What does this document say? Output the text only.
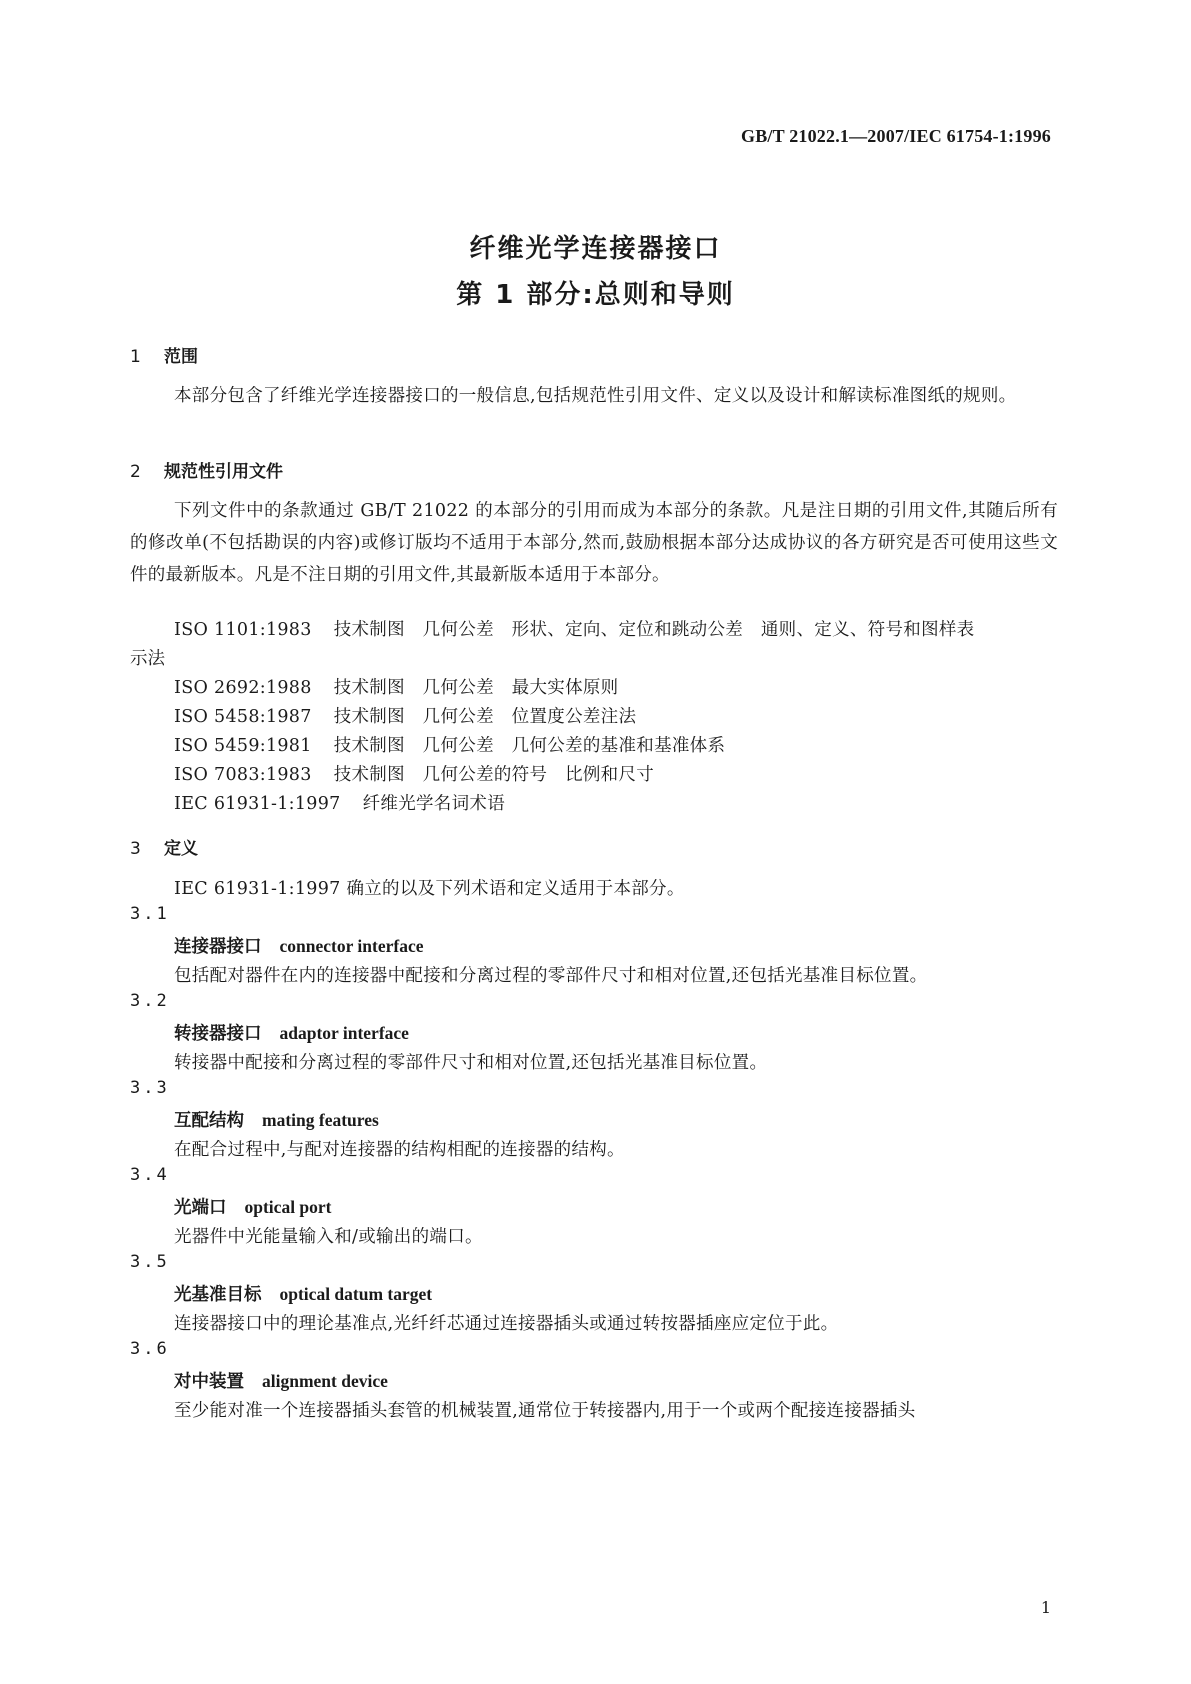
GB/T 21022.1—2007/IEC 61754-1:1996
纤维光学连接器接口
第 1 部分:总则和导则
1 范围
本部分包含了纤维光学连接器接口的一般信息,包括规范性引用文件、定义以及设计和解读标准图纸的规则。
2 规范性引用文件
下列文件中的条款通过 GB/T 21022 的本部分的引用而成为本部分的条款。凡是注日期的引用文件,其随后所有的修改单(不包括勘误的内容)或修订版均不适用于本部分,然而,鼓励根据本部分达成协议的各方研究是否可使用这些文件的最新版本。凡是不注日期的引用文件,其最新版本适用于本部分。
ISO 1101:1983 技术制图　几何公差　形状、定向、定位和跳动公差　通则、定义、符号和图样表
示法
ISO 2692:1988 技术制图　几何公差　最大实体原则
ISO 5458:1987 技术制图　几何公差　位置度公差注法
ISO 5459:1981 技术制图　几何公差　几何公差的基准和基准体系
ISO 7083:1983 技术制图　几何公差的符号　比例和尺寸
IEC 61931-1:1997 纤维光学名词术语
3 定义
IEC 61931-1:1997 确立的以及下列术语和定义适用于本部分。
3.1
连接器接口 connector interface
包括配对器件在内的连接器中配接和分离过程的零部件尺寸和相对位置,还包括光基准目标位置。
3.2
转接器接口 adaptor interface
转接器中配接和分离过程的零部件尺寸和相对位置,还包括光基准目标位置。
3.3
互配结构 mating features
在配合过程中,与配对连接器的结构相配的连接器的结构。
3.4
光端口 optical port
光器件中光能量输入和/或输出的端口。
3.5
光基准目标 optical datum target
连接器接口中的理论基准点,光纤纤芯通过连接器插头或通过转按器插座应定位于此。
3.6
对中装置 alignment device
至少能对准一个连接器插头套管的机械装置,通常位于转接器内,用于一个或两个配接连接器插头
1
